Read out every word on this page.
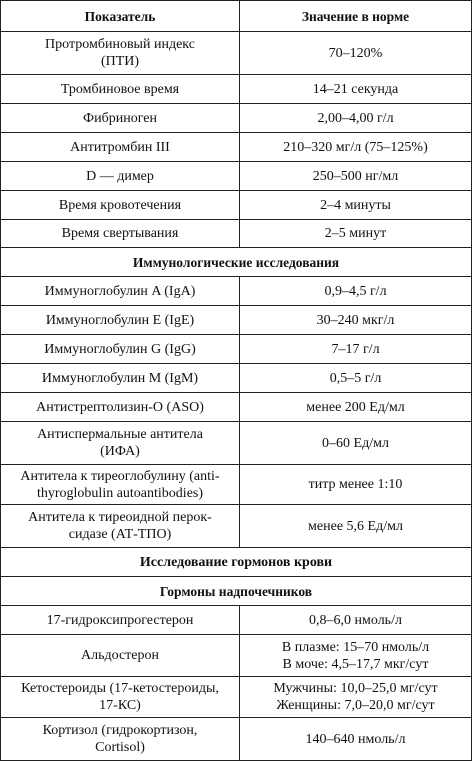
Показатель	Значение в норме
Протромбиновый индекс
(ПТИ)	70–120%
Тромбиновое время	14–21 секунда
Фибриноген	2,00–4,00 г/л
Антитромбин III	210–320 мг/л (75–125%)
D — димер	250–500 нг/мл
Время кровотечения	2–4 минуты
Время свертывания	2–5 минут
Иммунологические исследования	
Иммуноглобулин A (IgA)	0,9–4,5 г/л
Иммуноглобулин E (IgE)	30–240 мкг/л
Иммуноглобулин G (IgG)	7–17 г/л
Иммуноглобулин M (IgM)	0,5–5 г/л
Антистрептолизин-О (ASO)	менее 200 Ед/мл
Антиспермальные антитела
(ИФА)	0–60 Ед/мл
Антитела к тиреоглобулину (anti-
thyroglobulin autoantibodies)	титр менее 1:10
Антитела к тиреоидной перок-
сидазе (АТ-ТПО)	менее 5,6 Ед/мл
Исследование гормонов крови	
Гормоны надпочечников	
17-гидроксипрогестерон	0,8–6,0 нмоль/л
Альдостерон	В плазме: 15–70 нмоль/л
В моче: 4,5–17,7 мкг/сут
Кетостероиды (17-кетостероиды,
17-КС)	Мужчины: 10,0–25,0 мг/сут
Женщины: 7,0–20,0 мг/сут
Кортизол (гидрокортизон,
Cortisol)	140–640 нмоль/л
